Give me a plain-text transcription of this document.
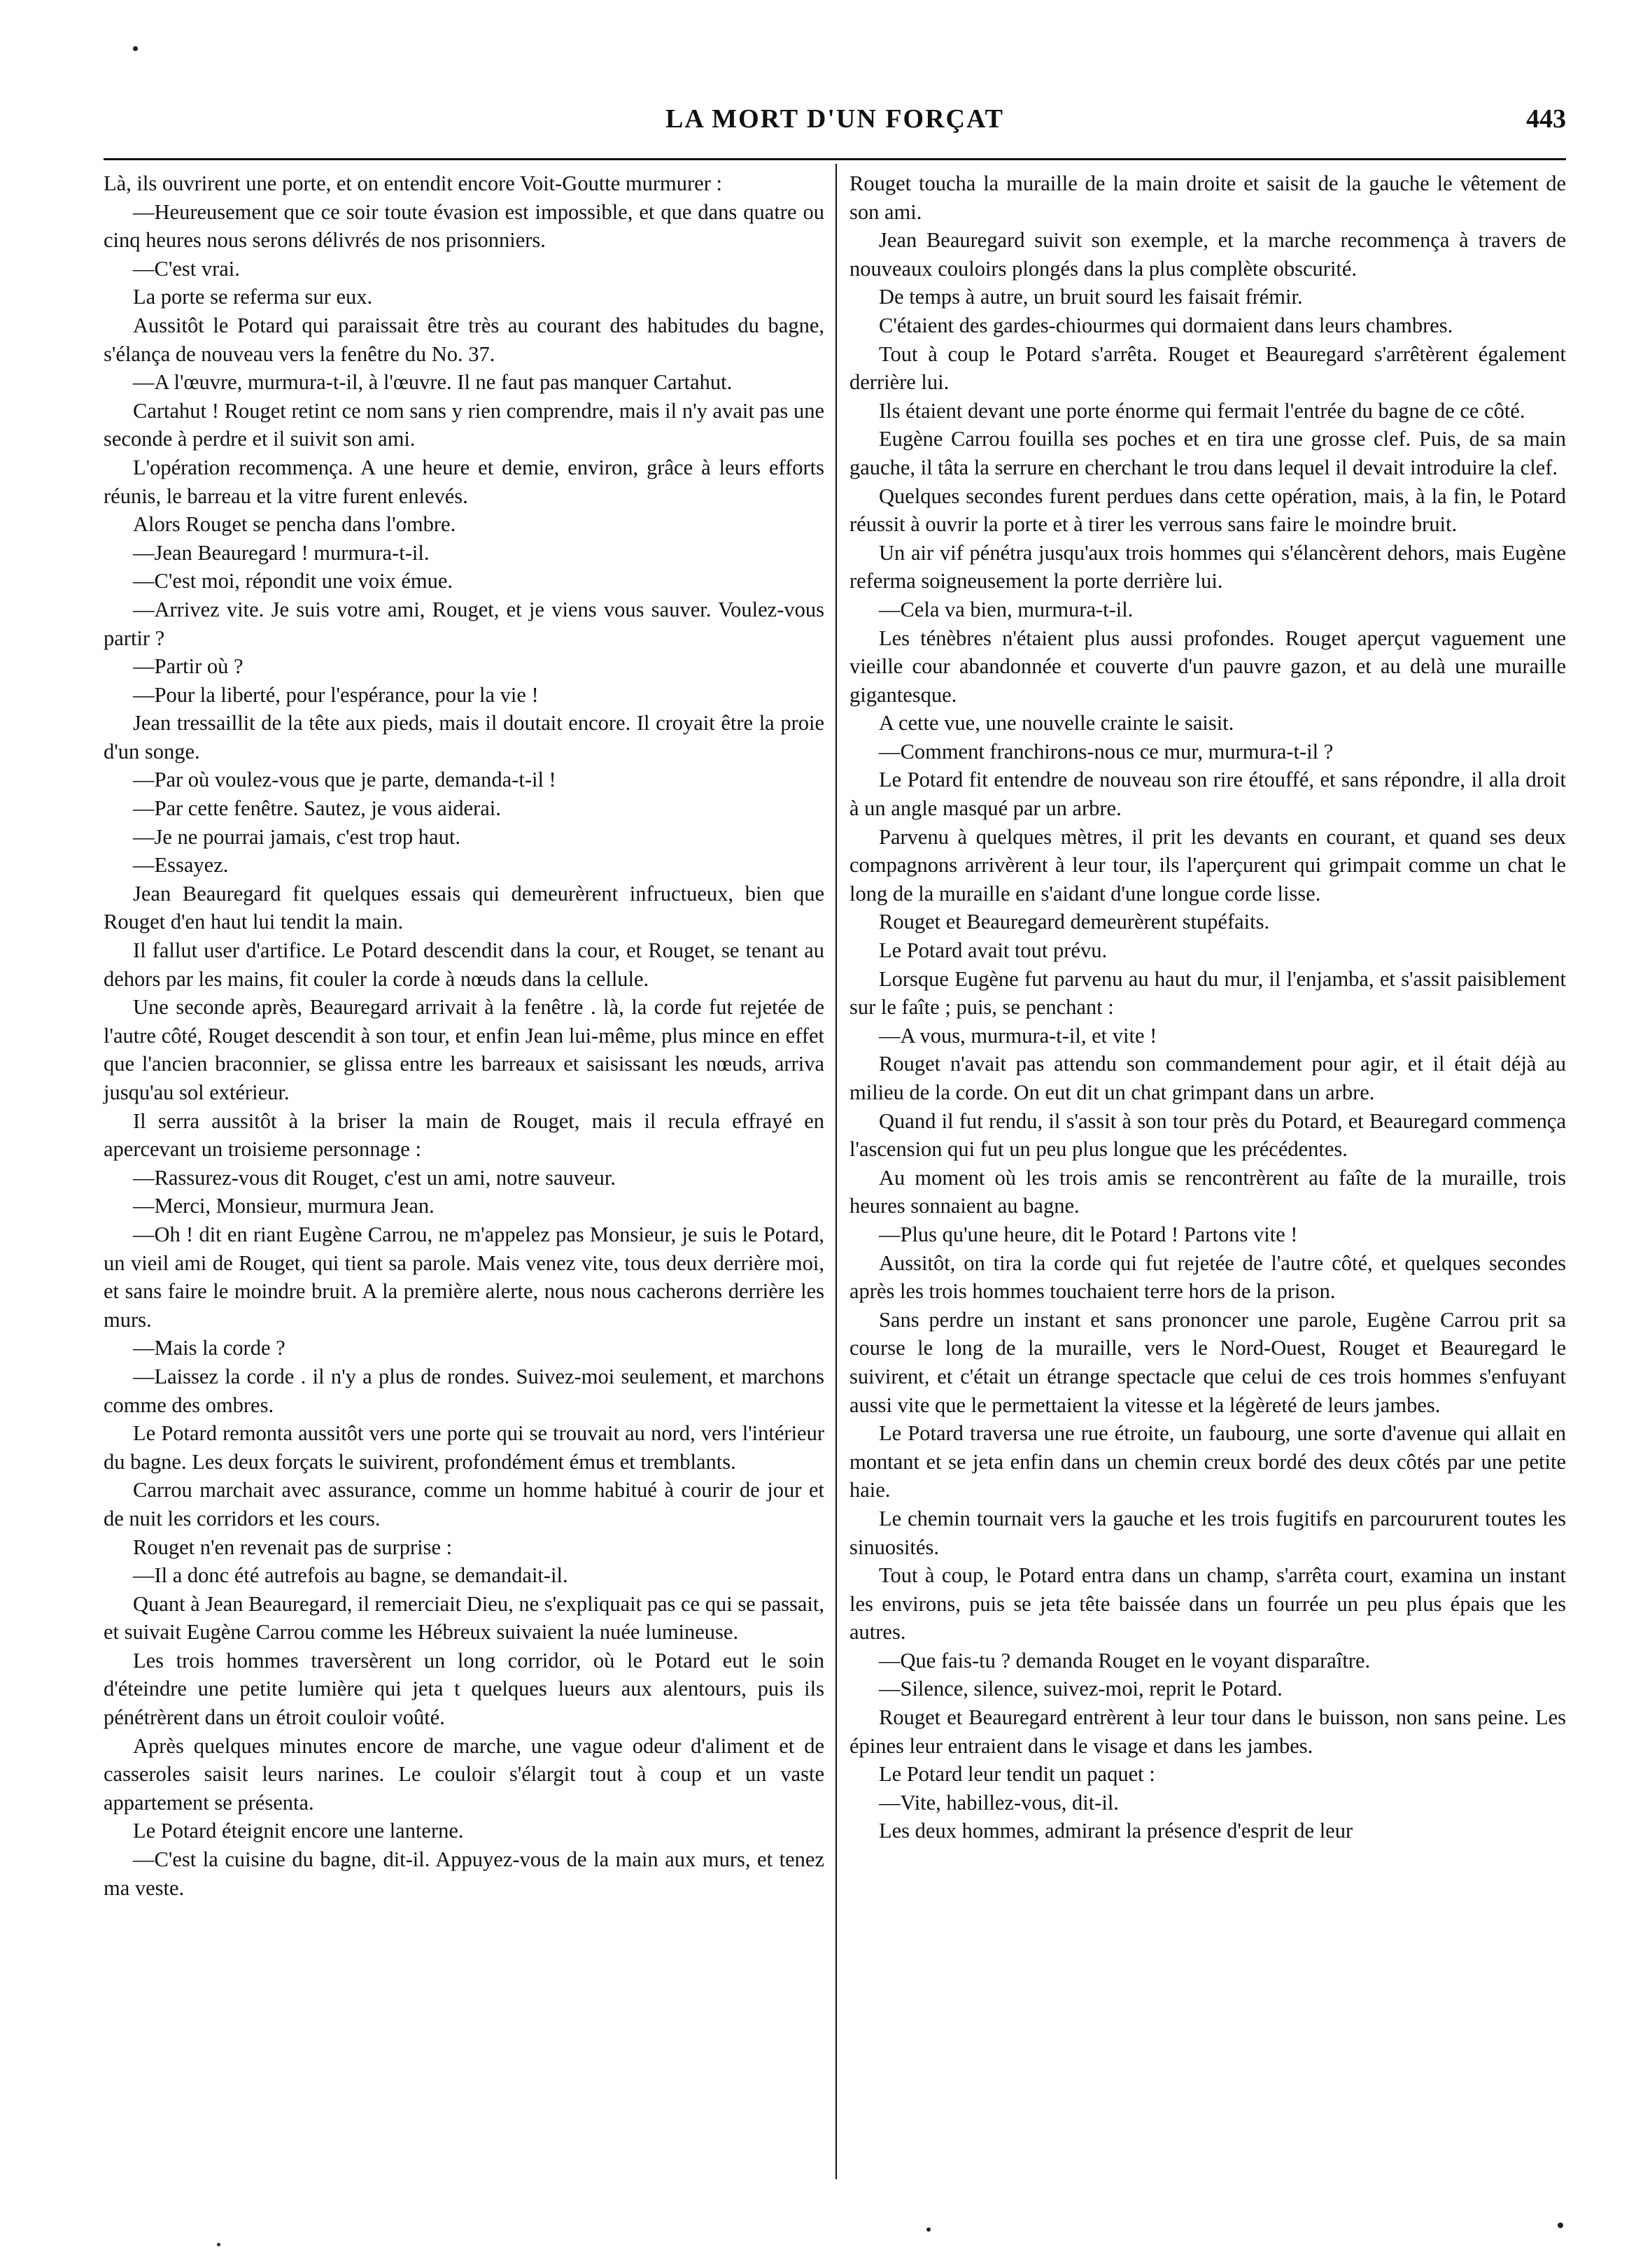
LA MORT D'UN FORÇAT	443

Là, ils ouvrirent une porte, et on entendit encore Voit-Goutte murmurer :

—Heureusement que ce soir toute évasion est impossible, et que dans quatre ou cinq heures nous serons délivrés de nos prisonniers.

—C'est vrai.

La porte se referma sur eux.

Aussitôt le Potard qui paraissait être très au courant des habitudes du bagne, s'élança de nouveau vers la fenêtre du No. 37.

—A l'œuvre, murmura-t-il, à l'œuvre. Il ne faut pas manquer Cartahut.

Cartahut ! Rouget retint ce nom sans y rien comprendre, mais il n'y avait pas une seconde à perdre et il suivit son ami.

L'opération recommença. A une heure et demie, environ, grâce à leurs efforts réunis, le barreau et la vitre furent enlevés.

Alors Rouget se pencha dans l'ombre.

—Jean Beauregard ! murmura-t-il.

—C'est moi, répondit une voix émue.

—Arrivez vite. Je suis votre ami, Rouget, et je viens vous sauver. Voulez-vous partir ?

—Partir où ?

—Pour la liberté, pour l'espérance, pour la vie !

Jean tressaillit de la tête aux pieds, mais il doutait encore. Il croyait être la proie d'un songe.

—Par où voulez-vous que je parte, demanda-t-il !

—Par cette fenêtre. Sautez, je vous aiderai.

—Je ne pourrai jamais, c'est trop haut.

—Essayez.

Jean Beauregard fit quelques essais qui demeurèrent infructueux, bien que Rouget d'en haut lui tendit la main.

Il fallut user d'artifice. Le Potard descendit dans la cour, et Rouget, se tenant au dehors par les mains, fit couler la corde à nœuds dans la cellule.

Une seconde après, Beauregard arrivait à la fenêtre . là, la corde fut rejetée de l'autre côté, Rouget descendit à son tour, et enfin Jean lui-même, plus mince en effet que l'ancien braconnier, se glissa entre les barreaux et saisissant les nœuds, arriva jusqu'au sol extérieur.

Il serra aussitôt à la briser la main de Rouget, mais il recula effrayé en apercevant un troisieme personnage :

—Rassurez-vous dit Rouget, c'est un ami, notre sauveur.

—Merci, Monsieur, murmura Jean.

—Oh ! dit en riant Eugène Carrou, ne m'appelez pas Monsieur, je suis le Potard, un vieil ami de Rouget, qui tient sa parole. Mais venez vite, tous deux derrière moi, et sans faire le moindre bruit. A la première alerte, nous nous cacherons derrière les murs.

—Mais la corde ?

—Laissez la corde . il n'y a plus de rondes. Suivez-moi seulement, et marchons comme des ombres.

Le Potard remonta aussitôt vers une porte qui se trouvait au nord, vers l'intérieur du bagne. Les deux forçats le suivirent, profondément émus et tremblants.

Carrou marchait avec assurance, comme un homme habitué à courir de jour et de nuit les corridors et les cours.

Rouget n'en revenait pas de surprise :

—Il a donc été autrefois au bagne, se demandait-il.

Quant à Jean Beauregard, il remerciait Dieu, ne s'expliquait pas ce qui se passait, et suivait Eugène Carrou comme les Hébreux suivaient la nuée lumineuse.

Les trois hommes traversèrent un long corridor, où le Potard eut le soin d'éteindre une petite lumière qui jeta t quelques lueurs aux alentours, puis ils pénétrèrent dans un étroit couloir voûté.

Après quelques minutes encore de marche, une vague odeur d'aliment et de casseroles saisit leurs narines. Le couloir s'élargit tout à coup et un vaste appartement se présenta.

Le Potard éteignit encore une lanterne.

—C'est la cuisine du bagne, dit-il. Appuyez-vous de la main aux murs, et tenez ma veste.

Rouget toucha la muraille de la main droite et saisit de la gauche le vêtement de son ami.

Jean Beauregard suivit son exemple, et la marche recommença à travers de nouveaux couloirs plongés dans la plus complète obscurité.

De temps à autre, un bruit sourd les faisait frémir.

C'étaient des gardes-chiourmes qui dormaient dans leurs chambres.

Tout à coup le Potard s'arrêta. Rouget et Beauregard s'arrêtèrent également derrière lui.

Ils étaient devant une porte énorme qui fermait l'entrée du bagne de ce côté.

Eugène Carrou fouilla ses poches et en tira une grosse clef. Puis, de sa main gauche, il tâta la serrure en cherchant le trou dans lequel il devait introduire la clef.

Quelques secondes furent perdues dans cette opération, mais, à la fin, le Potard réussit à ouvrir la porte et à tirer les verrous sans faire le moindre bruit.

Un air vif pénétra jusqu'aux trois hommes qui s'élancèrent dehors, mais Eugène referma soigneusement la porte derrière lui.

—Cela va bien, murmura-t-il.

Les ténèbres n'étaient plus aussi profondes. Rouget aperçut vaguement une vieille cour abandonnée et couverte d'un pauvre gazon, et au delà une muraille gigantesque.

A cette vue, une nouvelle crainte le saisit.

—Comment franchirons-nous ce mur, murmura-t-il ?

Le Potard fit entendre de nouveau son rire étouffé, et sans répondre, il alla droit à un angle masqué par un arbre.

Parvenu à quelques mètres, il prit les devants en courant, et quand ses deux compagnons arrivèrent à leur tour, ils l'aperçurent qui grimpait comme un chat le long de la muraille en s'aidant d'une longue corde lisse.

Rouget et Beauregard demeurèrent stupéfaits.

Le Potard avait tout prévu.

Lorsque Eugène fut parvenu au haut du mur, il l'enjamba, et s'assit paisiblement sur le faîte ; puis, se penchant :

—A vous, murmura-t-il, et vite !

Rouget n'avait pas attendu son commandement pour agir, et il était déjà au milieu de la corde. On eut dit un chat grimpant dans un arbre.

Quand il fut rendu, il s'assit à son tour près du Potard, et Beauregard commença l'ascension qui fut un peu plus longue que les précédentes.

Au moment où les trois amis se rencontrèrent au faîte de la muraille, trois heures sonnaient au bagne.

—Plus qu'une heure, dit le Potard ! Partons vite !

Aussitôt, on tira la corde qui fut rejetée de l'autre côté, et quelques secondes après les trois hommes touchaient terre hors de la prison.

Sans perdre un instant et sans prononcer une parole, Eugène Carrou prit sa course le long de la muraille, vers le Nord-Ouest, Rouget et Beauregard le suivirent, et c'était un étrange spectacle que celui de ces trois hommes s'enfuyant aussi vite que le permettaient la vitesse et la légèreté de leurs jambes.

Le Potard traversa une rue étroite, un faubourg, une sorte d'avenue qui allait en montant et se jeta enfin dans un chemin creux bordé des deux côtés par une petite haie.

Le chemin tournait vers la gauche et les trois fugitifs en parcoururent toutes les sinuosités.

Tout à coup, le Potard entra dans un champ, s'arrêta court, examina un instant les environs, puis se jeta tête baissée dans un fourrée un peu plus épais que les autres.

—Que fais-tu ? demanda Rouget en le voyant disparaître.

—Silence, silence, suivez-moi, reprit le Potard.

Rouget et Beauregard entrèrent à leur tour dans le buisson, non sans peine. Les épines leur entraient dans le visage et dans les jambes.

Le Potard leur tendit un paquet :

—Vite, habillez-vous, dit-il.

Les deux hommes, admirant la présence d'esprit de leur
